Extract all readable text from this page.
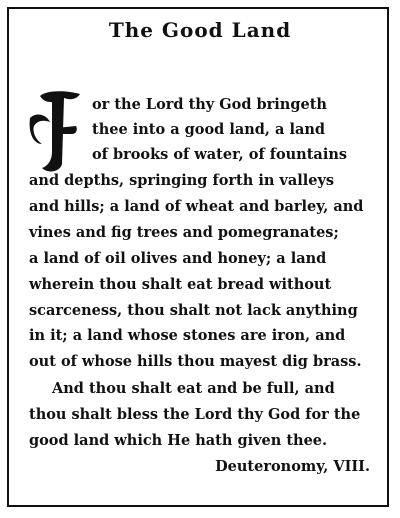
The Good Land
or the Lord thy God bringeth
thee into a good land, a land
of brooks of water, of fountains
and depths, springing forth in valleys
and hills; a land of wheat and barley, and
vines and fig trees and pomegranates;
a land of oil olives and honey; a land
wherein thou shalt eat bread without
scarceness, thou shalt not lack anything
in it; a land whose stones are iron, and
out of whose hills thou mayest dig brass.
And thou shalt eat and be full, and
thou shalt bless the Lord thy God for the
good land which He hath given thee.
Deuteronomy, VIII.
